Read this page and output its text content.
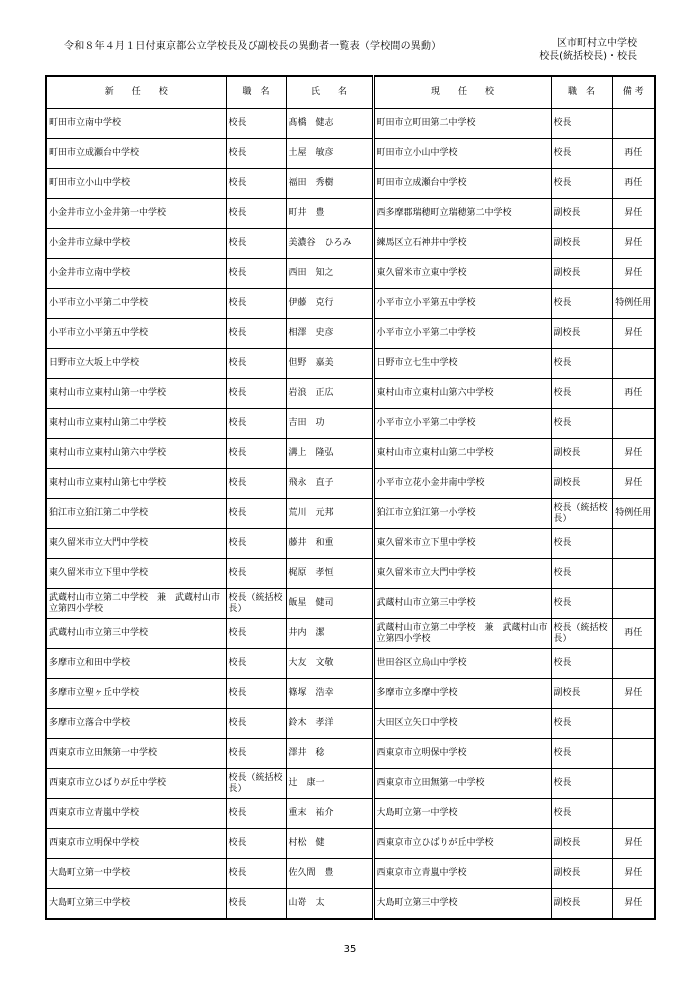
令和８年４月１日付東京都公立学校長及び副校長の異動者一覧表（学校間の異動）	区市町村立中学校
校長(統括校長)・校長
新　　任　　校	職　名	氏　　名	現　　任　　校	職　名	備 考
町田市立南中学校	校長	髙橋　健志	町田市立町田第二中学校	校長	
町田市立成瀬台中学校	校長	土屋　敏彦	町田市立小山中学校	校長	再任
町田市立小山中学校	校長	福田　秀樹	町田市立成瀬台中学校	校長	再任
小金井市立小金井第一中学校	校長	町井　豊	西多摩郡瑞穂町立瑞穂第二中学校	副校長	昇任
小金井市立緑中学校	校長	美濃谷　ひろみ	練馬区立石神井中学校	副校長	昇任
小金井市立南中学校	校長	西田　知之	東久留米市立東中学校	副校長	昇任
小平市立小平第二中学校	校長	伊藤　克行	小平市立小平第五中学校	校長	特例任用
小平市立小平第五中学校	校長	相澤　史彦	小平市立小平第二中学校	副校長	昇任
日野市立大坂上中学校	校長	但野　嘉美	日野市立七生中学校	校長	
東村山市立東村山第一中学校	校長	岩浪　正広	東村山市立東村山第六中学校	校長	再任
東村山市立東村山第二中学校	校長	吉田　功	小平市立小平第二中学校	校長	
東村山市立東村山第六中学校	校長	溝上　隆弘	東村山市立東村山第二中学校	副校長	昇任
東村山市立東村山第七中学校	校長	飛永　直子	小平市立花小金井南中学校	副校長	昇任
狛江市立狛江第二中学校	校長	荒川　元邦	狛江市立狛江第一小学校	校長（統括校長）	特例任用
東久留米市立大門中学校	校長	藤井　和重	東久留米市立下里中学校	校長	
東久留米市立下里中学校	校長	梶原　孝恒	東久留米市立大門中学校	校長	
武蔵村山市立第二中学校　兼　武蔵村山市立第四小学校	校長（統括校長）	飯星　健司	武蔵村山市立第三中学校	校長	
武蔵村山市立第三中学校	校長	井内　潔	武蔵村山市立第二中学校　兼　武蔵村山市立第四小学校	校長（統括校長）	再任
多摩市立和田中学校	校長	大友　文敬	世田谷区立烏山中学校	校長	
多摩市立聖ヶ丘中学校	校長	篠塚　浩幸	多摩市立多摩中学校	副校長	昇任
多摩市立落合中学校	校長	鈴木　孝洋	大田区立矢口中学校	校長	
西東京市立田無第一中学校	校長	澤井　稔	西東京市立明保中学校	校長	
西東京市立ひばりが丘中学校	校長（統括校長）	辻　康一	西東京市立田無第一中学校	校長	
西東京市立青嵐中学校	校長	重末　祐介	大島町立第一中学校	校長	
西東京市立明保中学校	校長	村松　健	西東京市立ひばりが丘中学校	副校長	昇任
大島町立第一中学校	校長	佐久間　豊	西東京市立青嵐中学校	副校長	昇任
大島町立第三中学校	校長	山嵜　太	大島町立第三中学校	副校長	昇任
35
